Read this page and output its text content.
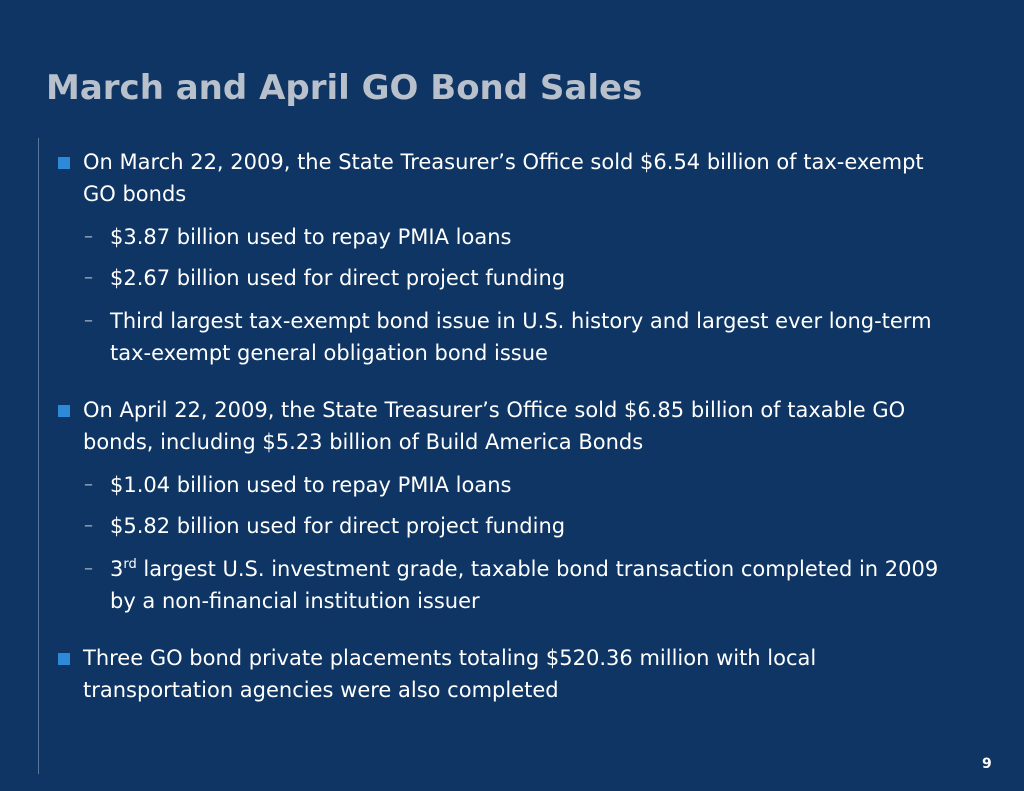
March and April GO Bond Sales
On March 22, 2009, the State Treasurer’s Office sold $6.54 billion of tax-exempt GO bonds
– $3.87 billion used to repay PMIA loans
– $2.67 billion used for direct project funding
– Third largest tax-exempt bond issue in U.S. history and largest ever long-term tax-exempt general obligation bond issue
On April 22, 2009, the State Treasurer’s Office sold $6.85 billion of taxable GO bonds, including $5.23 billion of Build America Bonds
– $1.04 billion used to repay PMIA loans
– $5.82 billion used for direct project funding
– 3rd largest U.S. investment grade, taxable bond transaction completed in 2009 by a non-financial institution issuer
Three GO bond private placements totaling $520.36 million with local transportation agencies were also completed
9
